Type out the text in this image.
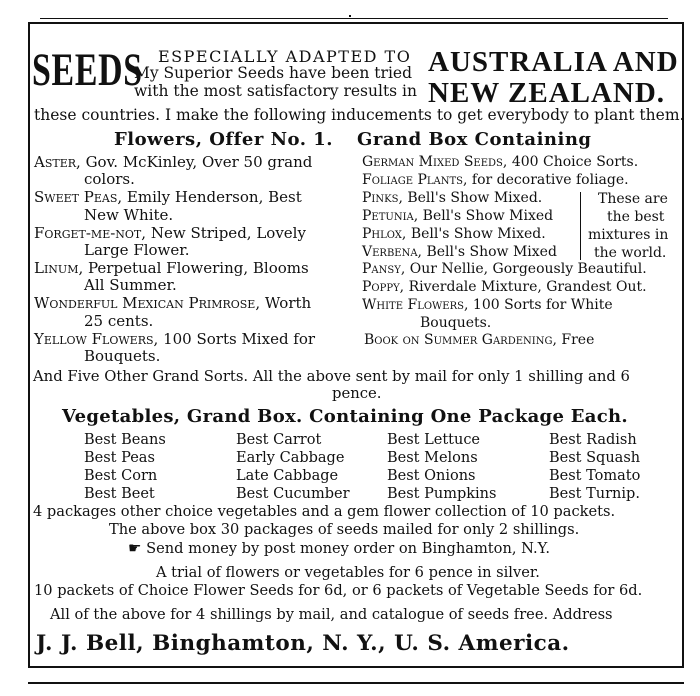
SEEDS ESPECIALLY ADAPTED TO
My Superior Seeds have been tried
with the most satisfactory results in
AUSTRALIA AND
NEW ZEALAND.
these countries. I make the following inducements to get everybody to plant them.
Flowers, Offer No. 1. Grand Box Containing
Aster, Gov. McKinley, Over 50 grand
colors.
Sweet Peas, Emily Henderson, Best
New White.
Forget-me-not, New Striped, Lovely
Large Flower.
Linum, Perpetual Flowering, Blooms
All Summer.
Wonderful Mexican Primrose, Worth
25 cents.
Yellow Flowers, 100 Sorts Mixed for
Bouquets.
German Mixed Seeds, 400 Choice Sorts.
Foliage Plants, for decorative foliage.
Pinks, Bell's Show Mixed.
Petunia, Bell's Show Mixed
Phlox, Bell's Show Mixed.
Verbena, Bell's Show Mixed
These are
the best
mixtures in
the world.
Pansy, Our Nellie, Gorgeously Beautiful.
Poppy, Riverdale Mixture, Grandest Out.
White Flowers, 100 Sorts for White
Bouquets.
Book on Summer Gardening, Free
And Five Other Grand Sorts. All the above sent by mail for only 1 shilling and 6
pence.
Vegetables, Grand Box. Containing One Package Each.
Best Beans
Best Peas
Best Corn
Best Beet
Best Carrot
Early Cabbage
Late Cabbage
Best Cucumber
Best Lettuce
Best Melons
Best Onions
Best Pumpkins
Best Radish
Best Squash
Best Tomato
Best Turnip.
4 packages other choice vegetables and a gem flower collection of 10 packets.
The above box 30 packages of seeds mailed for only 2 shillings.
☛ Send money by post money order on Binghamton, N.Y.
A trial of flowers or vegetables for 6 pence in silver.
10 packets of Choice Flower Seeds for 6d, or 6 packets of Vegetable Seeds for 6d.
All of the above for 4 shillings by mail, and catalogue of seeds free. Address
J. J. Bell, Binghamton, N. Y., U. S. America.
